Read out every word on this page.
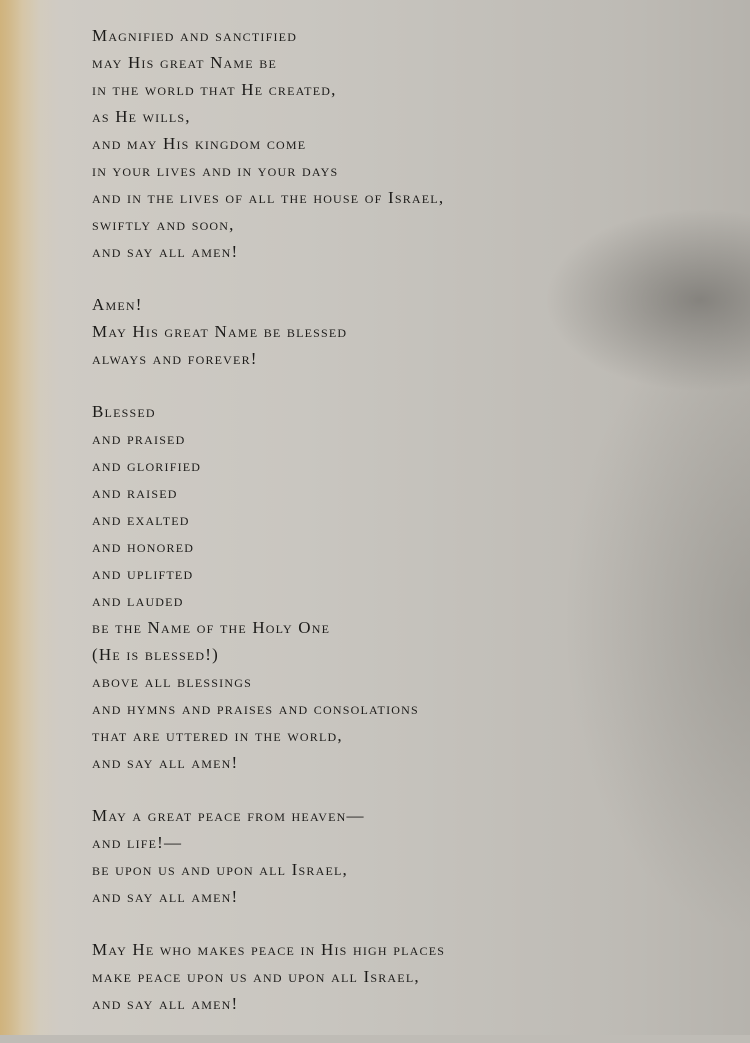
Magnified and sanctified
may His great Name be
in the world that He created,
as He wills,
and may His kingdom come
in your lives and in your days
and in the lives of all the house of Israel,
swiftly and soon,
and say all amen!
Amen!
May His great Name be blessed
always and forever!
Blessed
and praised
and glorified
and raised
and exalted
and honored
and uplifted
and lauded
be the Name of the Holy One
(He is blessed!)
above all blessings
and hymns and praises and consolations
that are uttered in the world,
and say all amen!
May a great peace from heaven—
and life!—
be upon us and upon all Israel,
and say all amen!
May He who makes peace in His high places
make peace upon us and upon all Israel,
and say all amen!
